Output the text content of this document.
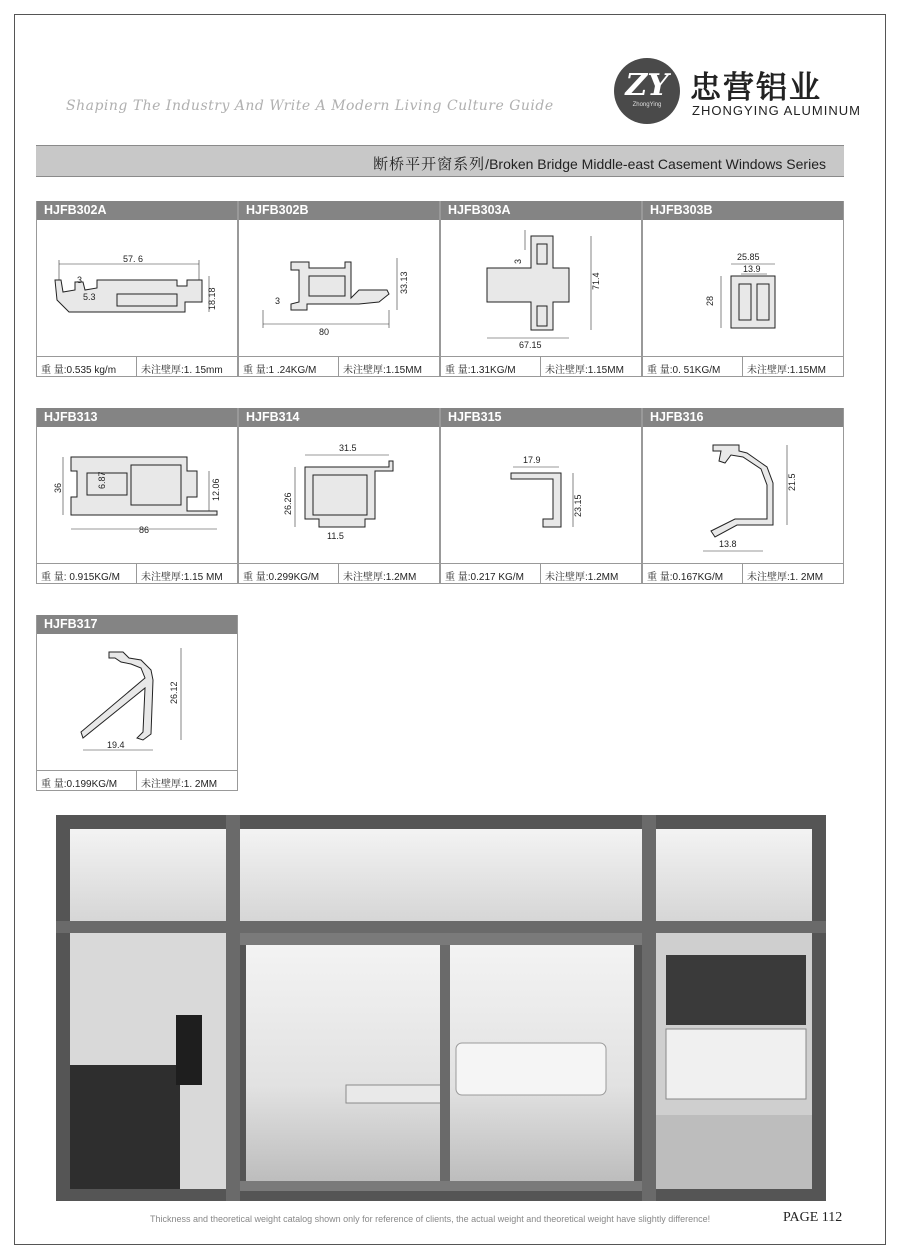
Shaping The Industry And Write A Modern Living Culture Guide
ZY
ZhongYing 忠营铝业
ZHONGYING ALUMINUM
断桥平开窗系列/Broken Bridge Middle-east Casement Windows Series
HJFB302A
57. 6
3
5.3	18.18
重 量:0.535 kg/m	未注壁厚:1. 15mm
HJFB302B
80
3
33.13
重 量:1 .24KG/M	未注壁厚:1.15MM
HJFB303A
3
71.4
67.15
重 量:1.31KG/M	未注壁厚:1.15MM
HJFB303B
25.85
13.9
28
重 量:0. 51KG/M	未注壁厚:1.15MM
HJFB313
36	6.87	12.06
86
重 量: 0.915KG/M	未注壁厚:1.15 MM
HJFB314
31.5
26.26
11.5
重 量:0.299KG/M	未注壁厚:1.2MM
HJFB315
17.9
23.15
重 量:0.217 KG/M	未注壁厚:1.2MM
HJFB316
21.5
13.8
重 量:0.167KG/M	未注壁厚:1. 2MM
HJFB317
26.12
19.4
重 量:0.199KG/M	未注壁厚:1. 2MM
Thickness and theoretical weight catalog shown only for reference of clients, the actual weight and theoretical weight have slightly difference!	PAGE 112
